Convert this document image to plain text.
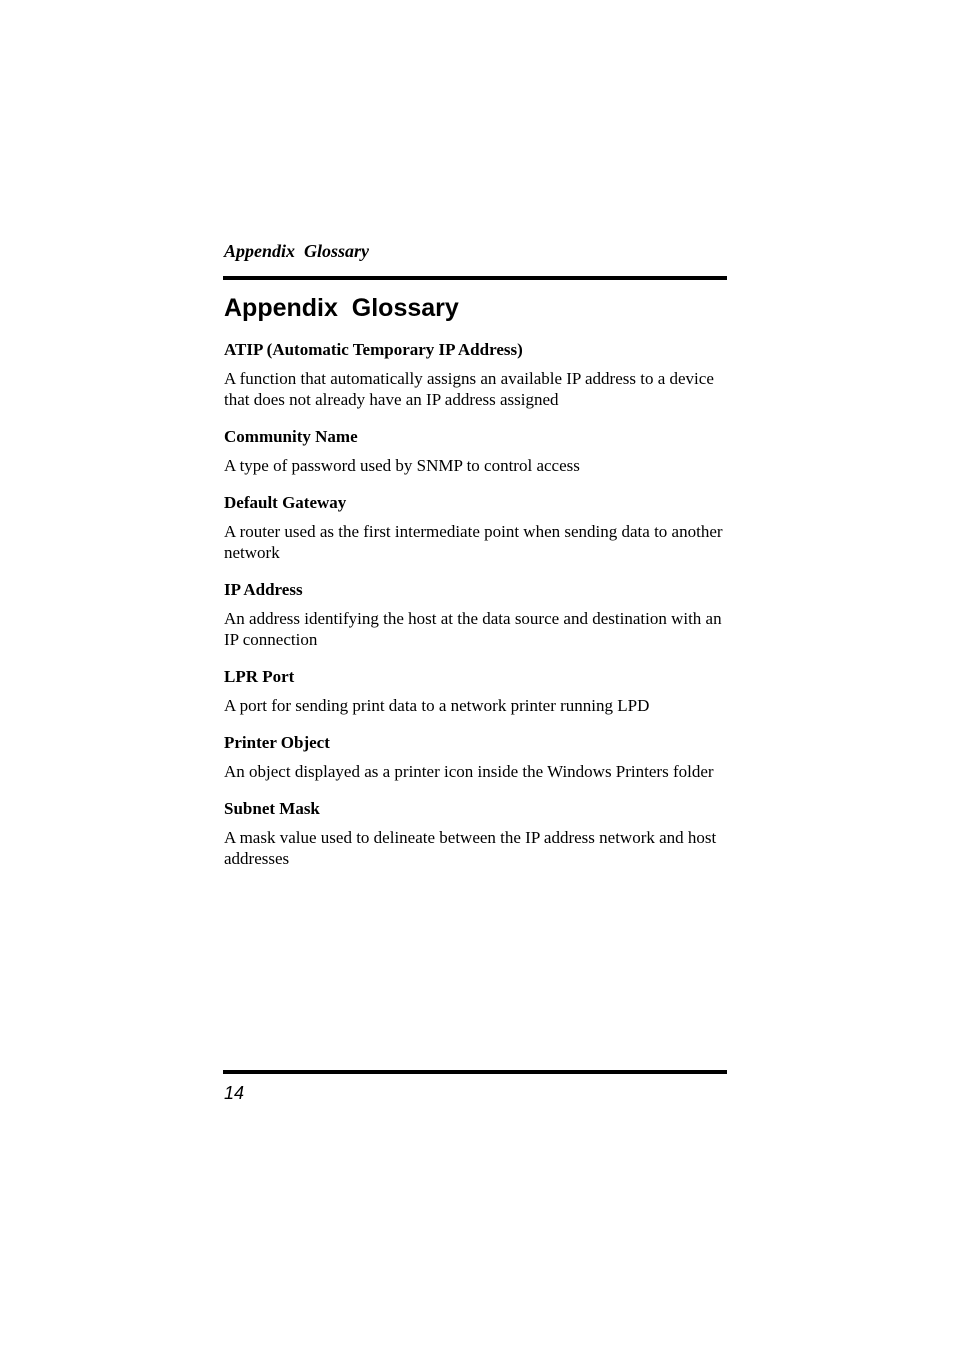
Appendix  Glossary
Appendix  Glossary
ATIP (Automatic Temporary IP Address)
A function that automatically assigns an available IP address to a device that does not already have an IP address assigned
Community Name
A type of password used by SNMP to control access
Default Gateway
A router used as the first intermediate point when sending data to another network
IP Address
An address identifying the host at the data source and destination with an IP connection
LPR Port
A port for sending print data to a network printer running LPD
Printer Object
An object displayed as a printer icon inside the Windows Printers folder
Subnet Mask
A mask value used to delineate between the IP address network and host addresses
14
